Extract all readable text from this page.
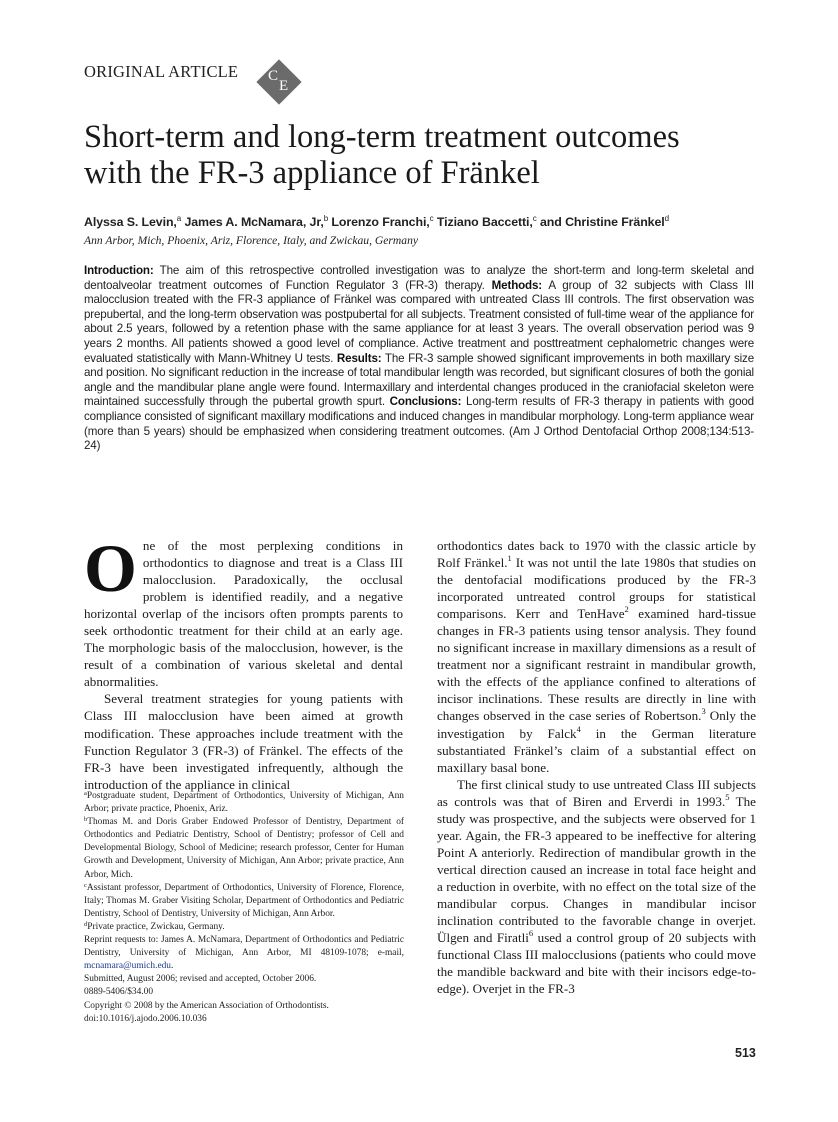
ORIGINAL ARTICLE C
E
Short-term and long-term treatment outcomes
with the FR-3 appliance of Fränkel
Alyssa S. Levin,$^a$ James A. McNamara, Jr,$^b$ Lorenzo Franchi,$^c$ Tiziano Baccetti,$^c$ and Christine Fränkel$^d$
Ann Arbor, Mich, Phoenix, Ariz, Florence, Italy, and Zwickau, Germany
Introduction: The aim of this retrospective controlled investigation was to analyze the short-term and long-term skeletal and dentoalveolar treatment outcomes of Function Regulator 3 (FR-3) therapy. Methods: A group of 32 subjects with Class III malocclusion treated with the FR-3 appliance of Fränkel was compared with untreated Class III controls. The first observation was prepubertal, and the long-term observation was postpubertal for all subjects. Treatment consisted of full-time wear of the appliance for about 2.5 years, followed by a retention phase with the same appliance for at least 3 years. The overall observation period was 9 years 2 months. All patients showed a good level of compliance. Active treatment and posttreatment cephalometric changes were evaluated statistically with Mann-Whitney U tests. Results: The FR-3 sample showed significant improvements in both maxillary size and position. No significant reduction in the increase of total mandibular length was recorded, but significant closures of both the gonial angle and the mandibular plane angle were found. Intermaxillary and interdental changes produced in the craniofacial skeleton were maintained successfully through the pubertal growth spurt. Conclusions: Long-term results of FR-3 therapy in patients with good compliance consisted of significant maxillary modifications and induced changes in mandibular morphology. Long-term appliance wear (more than 5 years) should be emphasized when considering treatment outcomes. (Am J Orthod Dentofacial Orthop 2008;134:513-24)

One of the most perplexing conditions in orthodontics to diagnose and treat is a Class III malocclusion. Paradoxically, the occlusal problem is identified readily, and a negative horizontal overlap of the incisors often prompts parents to seek orthodontic treatment for their child at an early age. The morphologic basis of the malocclusion, however, is the result of a combination of various skeletal and dental abnormalities.

Several treatment strategies for young patients with Class III malocclusion have been aimed at growth modification. These approaches include treatment with the Function Regulator 3 (FR-3) of Fränkel. The effects of the FR-3 have been investigated infrequently, although the introduction of the appliance in clinical

$^a$Postgraduate student, Department of Orthodontics, University of Michigan, Ann Arbor; private practice, Phoenix, Ariz.

$^b$Thomas M. and Doris Graber Endowed Professor of Dentistry, Department of Orthodontics and Pediatric Dentistry, School of Dentistry; professor of Cell and Developmental Biology, School of Medicine; research professor, Center for Human Growth and Development, University of Michigan, Ann Arbor; private practice, Ann Arbor, Mich.

$^c$Assistant professor, Department of Orthodontics, University of Florence, Florence, Italy; Thomas M. Graber Visiting Scholar, Department of Orthodontics and Pediatric Dentistry, School of Dentistry, University of Michigan, Ann Arbor.

$^d$Private practice, Zwickau, Germany.

Reprint requests to: James A. McNamara, Department of Orthodontics and Pediatric Dentistry, University of Michigan, Ann Arbor, MI 48109-1078; e-mail, mcnamara@umich.edu.

Submitted, August 2006; revised and accepted, October 2006.

0889-5406/$34.00

Copyright © 2008 by the American Association of Orthodontists.

doi:10.1016/j.ajodo.2006.10.036

orthodontics dates back to 1970 with the classic article by Rolf Fränkel.$^1$ It was not until the late 1980s that studies on the dentofacial modifications produced by the FR-3 incorporated untreated control groups for statistical comparisons. Kerr and TenHave$^2$ examined hard-tissue changes in FR-3 patients using tensor analysis. They found no significant increase in maxillary dimensions as a result of treatment nor a significant restraint in mandibular growth, with the effects of the appliance confined to alterations of incisor inclinations. These results are directly in line with changes observed in the case series of Robertson.$^3$ Only the investigation by Falck$^4$ in the German literature substantiated Fränkel’s claim of a substantial effect on maxillary basal bone.

The first clinical study to use untreated Class III subjects as controls was that of Biren and Erverdi in 1993.$^5$ The study was prospective, and the subjects were observed for 1 year. Again, the FR-3 appeared to be ineffective for altering Point A anteriorly. Redirection of mandibular growth in the vertical direction caused an increase in total face height and a reduction in overbite, with no effect on the total size of the mandibular corpus. Changes in mandibular incisor inclination contributed to the favorable change in overjet. Ülgen and Firatli$^6$ used a control group of 20 subjects with functional Class III malocclusions (patients who could move the mandible backward and bite with their incisors edge-to-edge). Overjet in the FR-3

513
